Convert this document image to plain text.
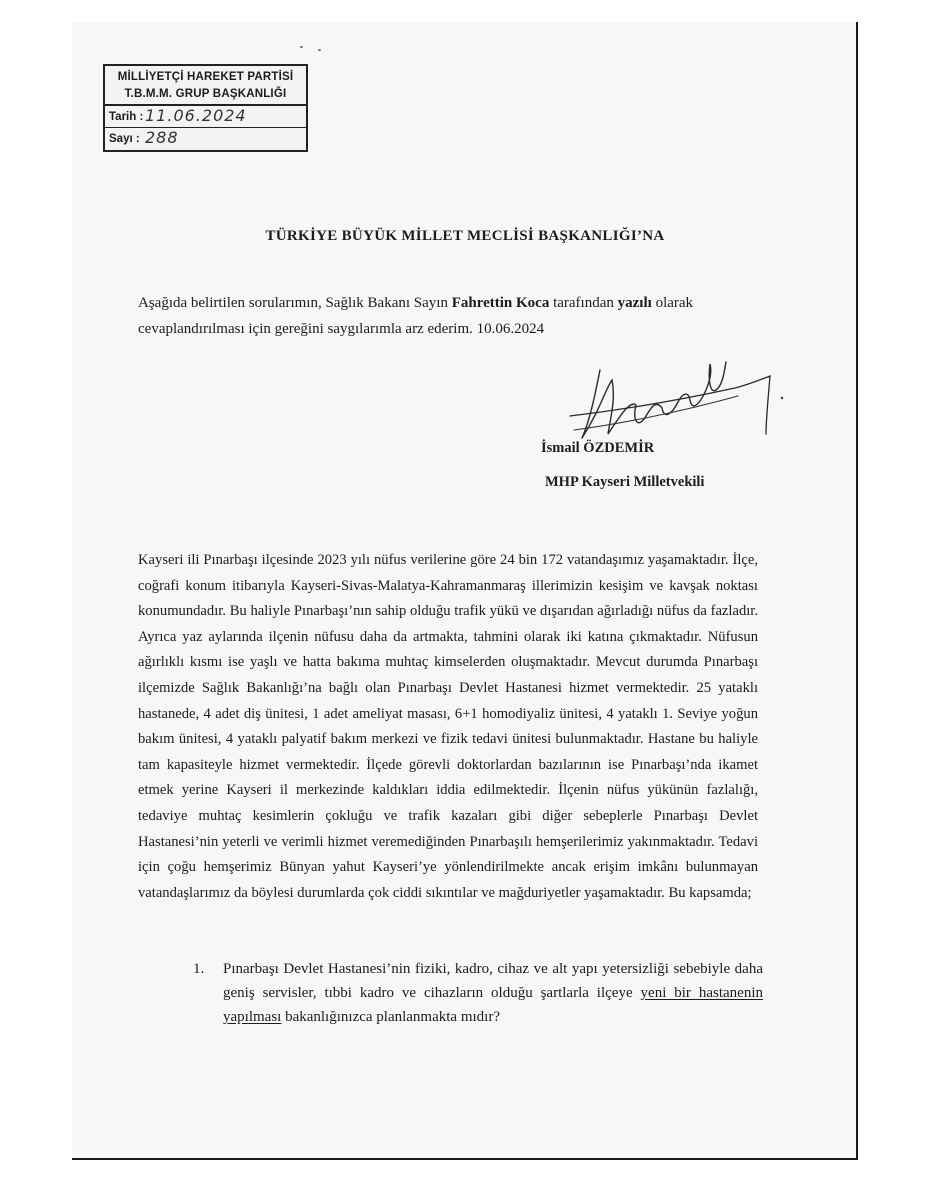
MİLLİYETÇİ HAREKET PARTİSİ
T.B.M.M. GRUP BAŞKANLIĞI
Tarih : 11.06.2024
Sayı : 288
TÜRKİYE BÜYÜK MİLLET MECLİSİ BAŞKANLIĞI’NA
Aşağıda belirtilen sorularımın, Sağlık Bakanı Sayın Fahrettin Koca tarafından yazılı olarak cevaplandırılması için gereğini saygılarımla arz ederim. 10.06.2024
İsmail ÖZDEMİR
MHP Kayseri Milletvekili
Kayseri ili Pınarbaşı ilçesinde 2023 yılı nüfus verilerine göre 24 bin 172 vatandaşımız yaşamaktadır. İlçe, coğrafi konum itibarıyla Kayseri-Sivas-Malatya-Kahramanmaraş illerimizin kesişim ve kavşak noktası konumundadır. Bu haliyle Pınarbaşı’nın sahip olduğu trafik yükü ve dışarıdan ağırladığı nüfus da fazladır. Ayrıca yaz aylarında ilçenin nüfusu daha da artmakta, tahmini olarak iki katına çıkmaktadır. Nüfusun ağırlıklı kısmı ise yaşlı ve hatta bakıma muhtaç kimselerden oluşmaktadır. Mevcut durumda Pınarbaşı ilçemizde Sağlık Bakanlığı’na bağlı olan Pınarbaşı Devlet Hastanesi hizmet vermektedir. 25 yataklı hastanede, 4 adet diş ünitesi, 1 adet ameliyat masası, 6+1 homodiyaliz ünitesi, 4 yataklı 1. Seviye yoğun bakım ünitesi, 4 yataklı palyatif bakım merkezi ve fizik tedavi ünitesi bulunmaktadır. Hastane bu haliyle tam kapasiteyle hizmet vermektedir. İlçede görevli doktorlardan bazılarının ise Pınarbaşı’nda ikamet etmek yerine Kayseri il merkezinde kaldıkları iddia edilmektedir. İlçenin nüfus yükünün fazlalığı, tedaviye muhtaç kesimlerin çokluğu ve trafik kazaları gibi diğer sebeplerle Pınarbaşı Devlet Hastanesi’nin yeterli ve verimli hizmet veremediğinden Pınarbaşılı hemşerilerimiz yakınmaktadır. Tedavi için çoğu hemşerimiz Bünyan yahut Kayseri’ye yönlendirilmekte ancak erişim imkânı bulunmayan vatandaşlarımız da böylesi durumlarda çok ciddi sıkıntılar ve mağduriyetler yaşamaktadır. Bu kapsamda;
1. Pınarbaşı Devlet Hastanesi’nin fiziki, kadro, cihaz ve alt yapı yetersizliği sebebiyle daha geniş servisler, tıbbi kadro ve cihazların olduğu şartlarla ilçeye yeni bir hastanenin yapılması bakanlığınızca planlanmakta mıdır?
